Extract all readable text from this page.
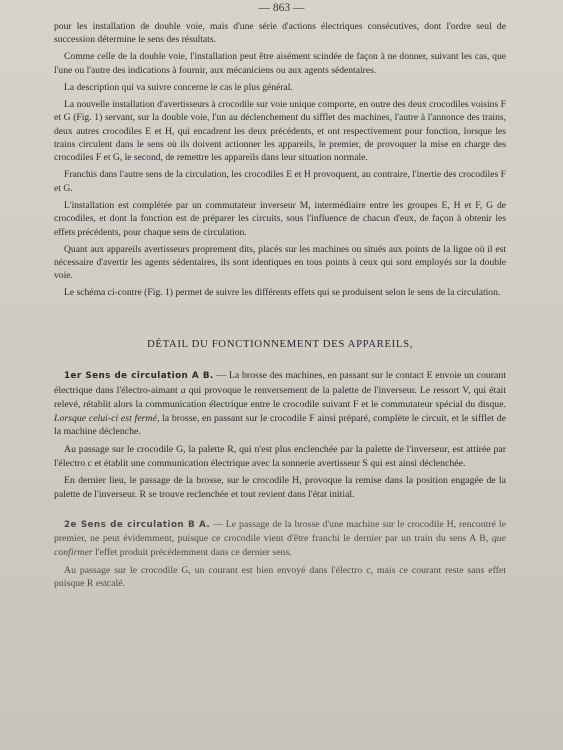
— 863 —

pour les installation de double voie, mais d'une série d'actions électriques consécutives, dont l'ordre seul de succession détermine le sens des résultats.

Comme celle de la double voie, l'installation peut être aisément scindée de façon à ne donner, suivant les cas, que l'une ou l'autre des indications à fournir, aux mécaniciens ou aux agents sédentaires.

La description qui va suivre concerne le cas le plus général.

La nouvelle installation d'avertisseurs à crocodile sur voie unique comporte, en outre des deux crocodiles voisins F et G (Fig. 1) servant, sur la double voie, l'un au déclenchement du sifflet des machines, l'autre à l'annonce des trains, deux autres crocodiles E et H, qui encadrent les deux précédents, et ont respectivement pour fonction, lorsque les trains circulent dans le sens où ils doivent actionner les appareils, le premier, de provoquer la mise en charge des crocodiles F et G, le second, de remettre les appareils dans leur situation normale.

Franchis dans l'autre sens de la circulation, les crocodiles E et H provoquent, au contraire, l'inertie des crocodiles F et G.

L'installation est complétée par un commutateur inverseur M, intermédiaire entre les groupes E, H et F, G de crocodiles, et dont la fonction est de préparer les circuits, sous l'influence de chacun d'eux, de façon à obtenir les effets précédents, pour chaque sens de circulation.

Quant aux appareils avertisseurs proprement dits, placés sur les machines ou situés aux points de la ligne où il est nécessaire d'avertir les agents sédentaires, ils sont identiques en tous points à ceux qui sont employés sur la double voie.

Le schéma ci-contre (Fig. 1) permet de suivre les différents effets qui se produisent selon le sens de la circulation.

DÉTAIL DU FONCTIONNEMENT DES APPAREILS,

1er Sens de circulation A B. — La brosse des machines, en passant sur le contact E envoie un courant électrique dans l'électro-aimant a qui provoque le renversement de la palette de l'inverseur. Le ressort V, qui était relevé, rétablit alors la communication électrique entre le crocodile suivant F et le commutateur spécial du disque. Lorsque celui-ci est fermé, la brosse, en passant sur le crocodile F ainsi préparé, complète le circuit, et le sifflet de la machine déclenche.

Au passage sur le crocodile G, la palette R, qui n'est plus enclenchée par la palette de l'inverseur, est attirée par l'électro c et établit une communication électrique avec la sonnerie avertisseur S qui est ainsi déclenchée.

En dernier lieu, le passage de la brosse, sur le crocodile H, provoque la remise dans la position engagée de la palette de l'inverseur. R se trouve reclenchée et tout revient dans l'état initial.

2e Sens de circulation B A. — Le passage de la brosse d'une machine sur le crocodile H, rencontré le premier, ne peut évidemment, puisque ce crocodile vient d'être franchi le dernier par un train du sens A B, que confirmer l'effet produit précédemment dans ce dernier sens.

Au passage sur le crocodile G, un courant est bien envoyé dans l'électro c, mais ce courant reste sans effet puisque R estcalé.
